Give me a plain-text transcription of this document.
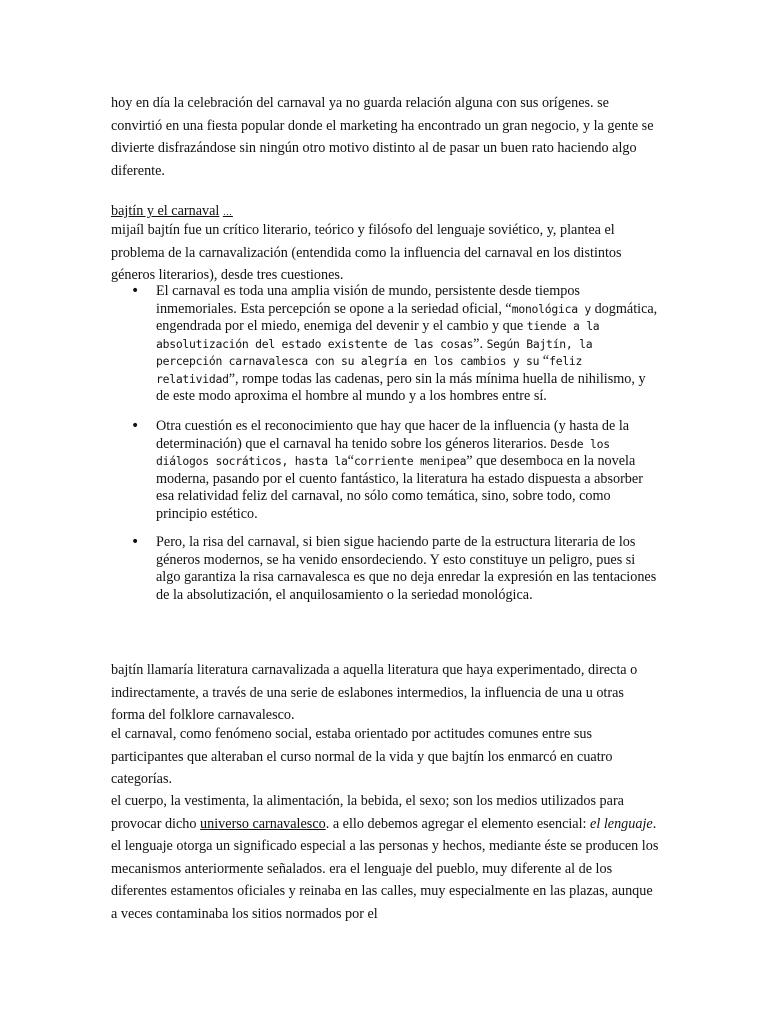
hoy en día la celebración del carnaval ya no guarda relación alguna con sus orígenes. se convirtió en una fiesta popular donde el marketing ha encontrado un gran negocio, y la gente se divierte disfrazándose sin ningún otro motivo distinto al de pasar un buen rato haciendo algo diferente.

bajtín y el carnaval …

mijaíl bajtín fue un crítico literario, teórico y filósofo del lenguaje soviético, y, plantea el problema de la carnavalización (entendida como la influencia del carnaval en los distintos géneros literarios), desde tres cuestiones.

• El carnaval es toda una amplia visión de mundo, persistente desde tiempos inmemoriales. Esta percepción se opone a la seriedad oficial, “monológica y dogmática, engendrada por el miedo, enemiga del devenir y el cambio y que tiende a la absolutización del estado existente de las cosas”. Según Bajtín, la percepción carnavalesca con su alegría en los cambios y su “feliz relatividad”, rompe todas las cadenas, pero sin la más mínima huella de nihilismo, y de este modo aproxima el hombre al mundo y a los hombres entre sí.
• Otra cuestión es el reconocimiento que hay que hacer de la influencia (y hasta de la determinación) que el carnaval ha tenido sobre los géneros literarios. Desde los diálogos socráticos, hasta la“corriente menipea” que desemboca en la novela moderna, pasando por el cuento fantástico, la literatura ha estado dispuesta a absorber esa relatividad feliz del carnaval, no sólo como temática, sino, sobre todo, como principio estético.
• Pero, la risa del carnaval, si bien sigue haciendo parte de la estructura literaria de los géneros modernos, se ha venido ensordeciendo. Y esto constituye un peligro, pues si algo garantiza la risa carnavalesca es que no deja enredar la expresión en las tentaciones de la absolutización, el anquilosamiento o la seriedad monológica.

bajtín llamaría literatura carnavalizada a aquella literatura que haya experimentado, directa o indirectamente, a través de una serie de eslabones intermedios, la influencia de una u otras forma del folklore carnavalesco.

el carnaval, como fenómeno social, estaba orientado por actitudes comunes entre sus participantes que alteraban el curso normal de la vida y que bajtín los enmarcó en cuatro categorías.

el cuerpo, la vestimenta, la alimentación, la bebida, el sexo; son los medios utilizados para provocar dicho universo carnavalesco. a ello debemos agregar el elemento esencial: el lenguaje. el lenguaje otorga un significado especial a las personas y hechos, mediante éste se producen los mecanismos anteriormente señalados. era el lenguaje del pueblo, muy diferente al de los diferentes estamentos oficiales y reinaba en las calles, muy especialmente en las plazas, aunque a veces contaminaba los sitios normados por el
